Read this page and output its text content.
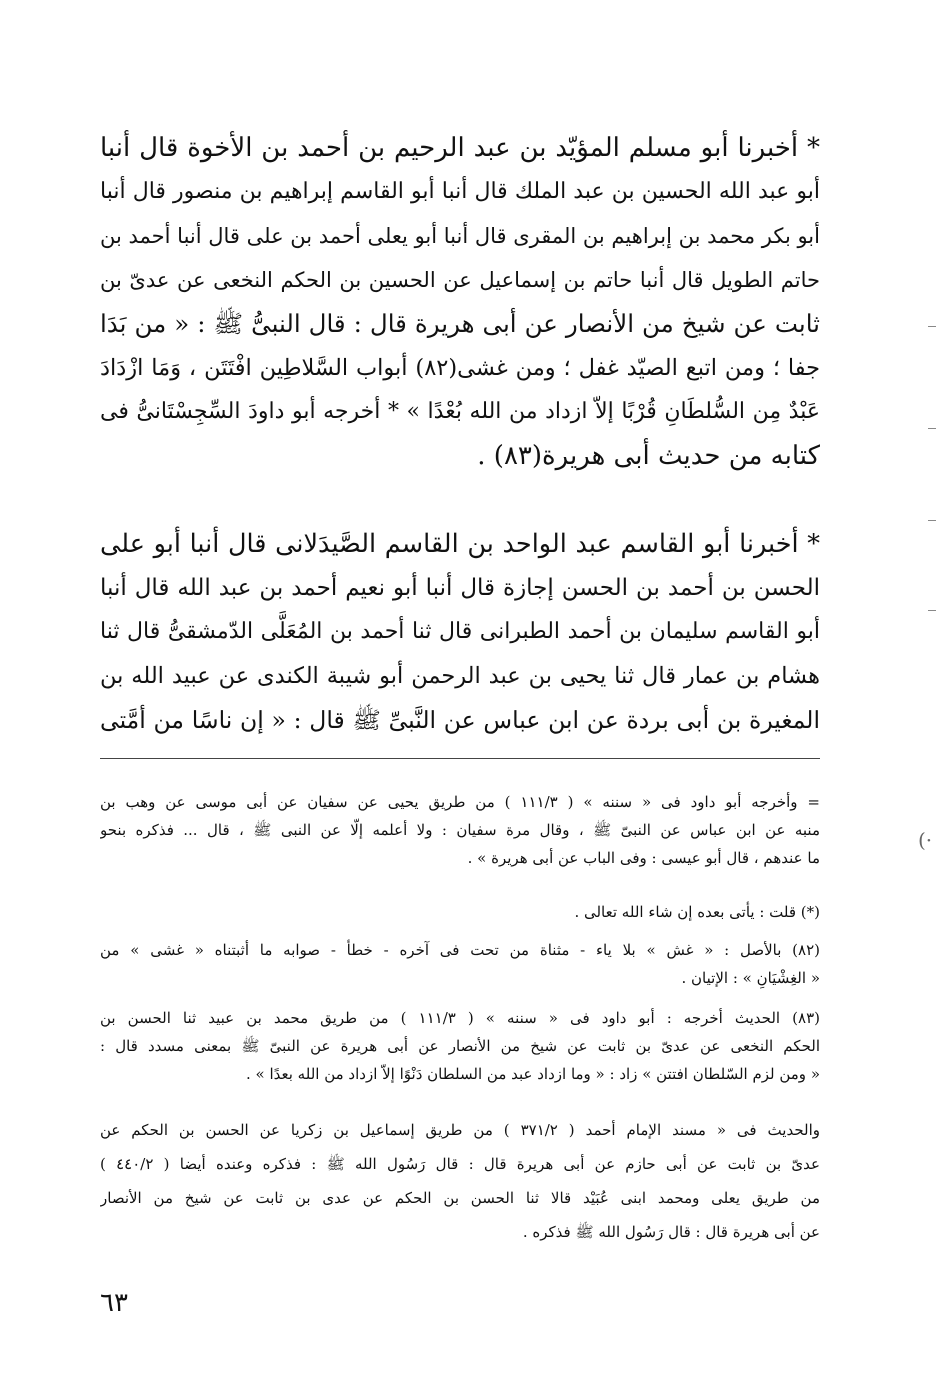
* أخبرنا أبو مسلم المؤيّد بن عبد الرحيم بن أحمد بن الأخوة قال أنبا
أبو عبد الله الحسين بن عبد الملك قال أنبا أبو القاسم إبراهيم بن منصور قال أنبا
أبو بكر محمد بن إبراهيم بن المقرى قال أنبا أبو يعلى أحمد بن على قال أنبا أحمد بن
حاتم الطويل قال أنبا حاتم بن إسماعيل عن الحسين بن الحكم النخعى عن عدىّ بن
ثابت عن شيخ من الأنصار عن أبى هريرة قال : قال النبىُّ ﷺ : « من بَدَا
جفا ؛ ومن اتبع الصيّد غفل ؛ ومن غشى(٨٢) أبواب السَّلاطِين افْتَتَن ، وَمَا ازْدَادَ
عَبْدٌ مِن السُّلطَانِ قُرْبًا إلاّ ازداد من الله بُعْدًا » * أخرجه أبو داودَ السِّجِسْتَانىُّ فى
كتابه من حديث أبى هريرة(٨٣) .
* أخبرنا أبو القاسم عبد الواحد بن القاسم الصَّيدَلانى قال أنبا أبو على
الحسن بن أحمد بن الحسن إجازة قال أنبا أبو نعيم أحمد بن عبد الله قال أنبا
أبو القاسم سليمان بن أحمد الطبرانى قال ثنا أحمد بن المُعَلَّى الدّمشقىُّ قال ثنا
هشام بن عمار قال ثنا يحيى بن عبد الرحمن أبو شيبة الكندى عن عبيد الله بن
المغيرة بن أبى بردة عن ابن عباس عن النَّبىِّ ﷺ قال : « إن ناسًا من أمَّتى
= وأخرجه أبو داود فى « سننه » ( ١١١/٣ ) من طريق يحيى عن سفيان عن أبى موسى عن وهب بن
منبه عن ابن عباس عن النبىّ ﷺ ، وقال مرة سفيان : ولا أعلمه إلّا عن النبى ﷺ ، قال ... فذكره بنحو
ما عندهم ، قال أبو عيسى : وفى الباب عن أبى هريرة » .
(*) قلت : يأتى بعده إن شاء الله تعالى .
(٨٢) بالأصل : « غش » بلا ياء - مثناة من تحت فى آخره - خطأ - صوابه ما أثبتناه « غشى » من
« الغِشْيَانِ » : الإتيان .
(٨٣) الحديث أخرجه : أبو داود فى « سننه » ( ١١١/٣ ) من طريق محمد بن عبيد ثنا الحسن بن
الحكم النخعى عن عدىّ بن ثابت عن شيخ من الأنصار عن أبى هريرة عن النبىّ ﷺ بمعنى مسدد قال :
« ومن لزم السّلطان افتتن » زاد : « وما ازداد عبد من السلطان دَنْوًا إلاّ ازداد من الله بعدًا » .
والحديث فى « مسند الإمام أحمد ( ٣٧١/٢ ) من طريق إسماعيل بن زكريا عن الحسن بن الحكم عن
عدىّ بن ثابت عن أبى حازم عن أبى هريرة قال : قال رَسُول الله ﷺ : فذكره وعنده أيضا ( ٤٤٠/٢ )
من طريق يعلى ومحمد ابنى عُبَيْد قالا ثنا الحسن بن الحكم عن عدى بن ثابت عن شيخ من الأنصار
عن أبى هريرة قال : قال رَسُول الله ﷺ فذكره .
٦٣
(·
